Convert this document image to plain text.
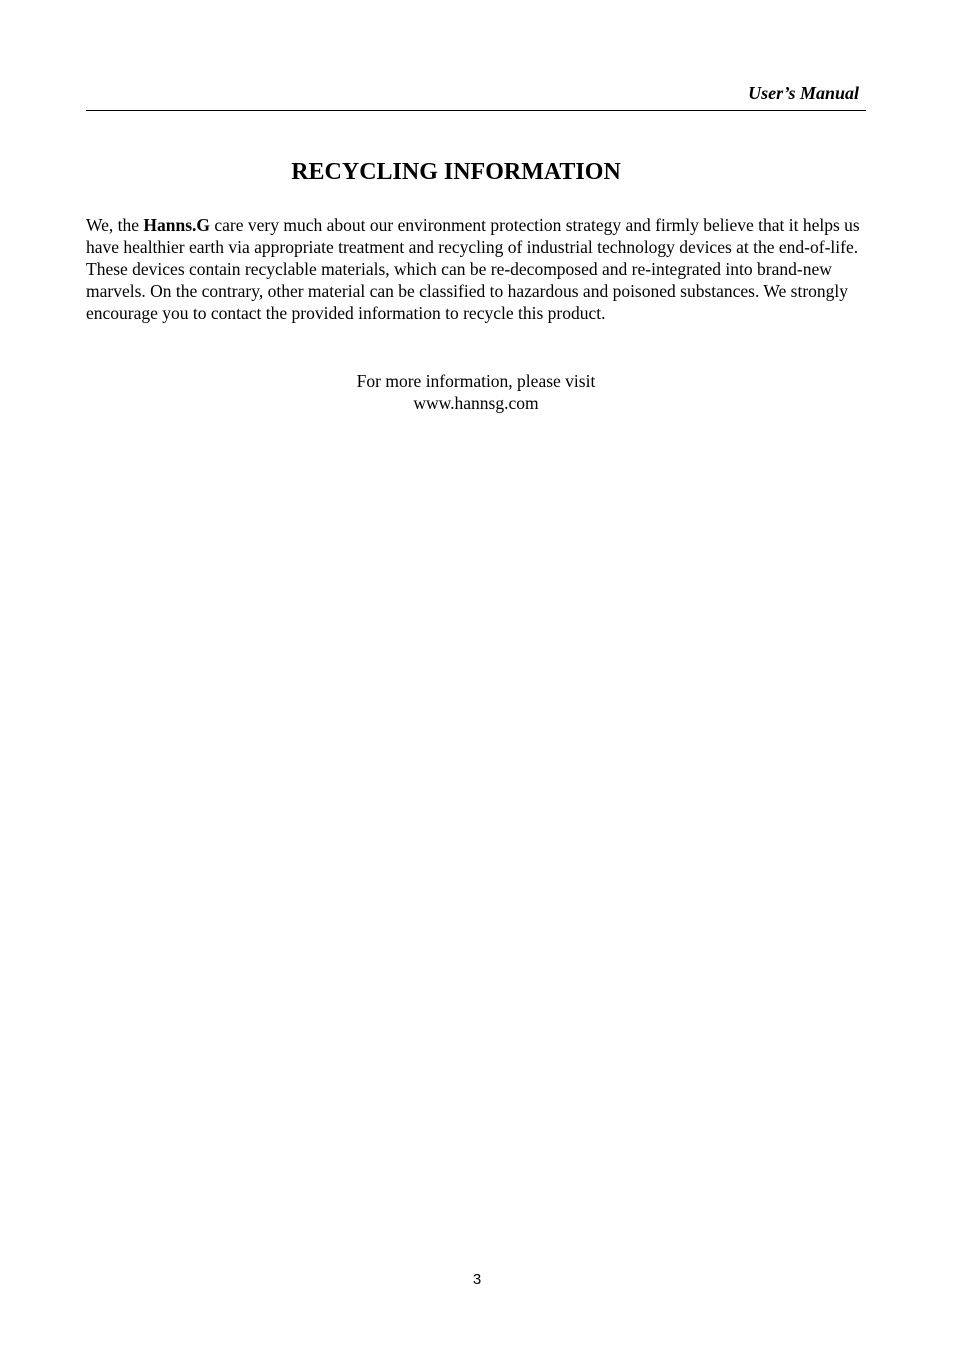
User’s Manual
RECYCLING INFORMATION

We, the Hanns.G care very much about our environment protection strategy and firmly believe that it helps us have healthier earth via appropriate treatment and recycling of industrial technology devices at the end-of-life.

These devices contain recyclable materials, which can be re-decomposed and re-integrated into brand-new marvels. On the contrary, other material can be classified to hazardous and poisoned substances. We strongly encourage you to contact the provided information to recycle this product.

For more information, please visit
www.hannsg.com
3
